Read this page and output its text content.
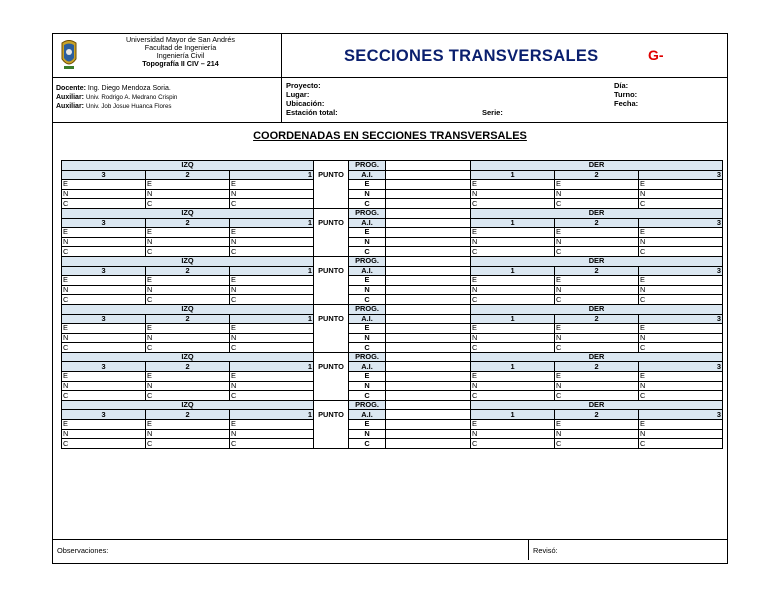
Universidad Mayor de San Andrés
Facultad de Ingeniería
Ingeniería Civil
Topografía II CIV – 214	SECCIONES TRANSVERSALES	G-
Docente: Ing. Diego Mendoza Soria.
Auxiliar: Univ. Rodrigo A. Medrano Crispin
Auxiliar: Univ. Job Josue Huanca Flores
Proyecto:
Lugar:
Ubicación:
Estación total:	Serie:
Día:
Turno:
Fecha:
COORDENADAS EN SECCIONES TRANSVERSALES
IZQ				PROG.		DER		
3	2	1	PUNTO	A.I.		1	2	3
E	E	E		E		E	E	E
N	N	N		N		N	N	N
C	C	C		C		C	C	C
IZQ				PROG.		DER		
3	2	1	PUNTO	A.I.		1	2	3
E	E	E		E		E	E	E
N	N	N		N		N	N	N
C	C	C		C		C	C	C
IZQ				PROG.		DER		
3	2	1	PUNTO	A.I.		1	2	3
E	E	E		E		E	E	E
N	N	N		N		N	N	N
C	C	C		C		C	C	C
IZQ				PROG.		DER		
3	2	1	PUNTO	A.I.		1	2	3
E	E	E		E		E	E	E
N	N	N		N		N	N	N
C	C	C		C		C	C	C
IZQ				PROG.		DER		
3	2	1	PUNTO	A.I.		1	2	3
E	E	E		E		E	E	E
N	N	N		N		N	N	N
C	C	C		C		C	C	C
IZQ				PROG.		DER		
3	2	1	PUNTO	A.I.		1	2	3
E	E	E		E		E	E	E
N	N	N		N		N	N	N
C	C	C		C		C	C	C
Observaciones:	Revisó:
